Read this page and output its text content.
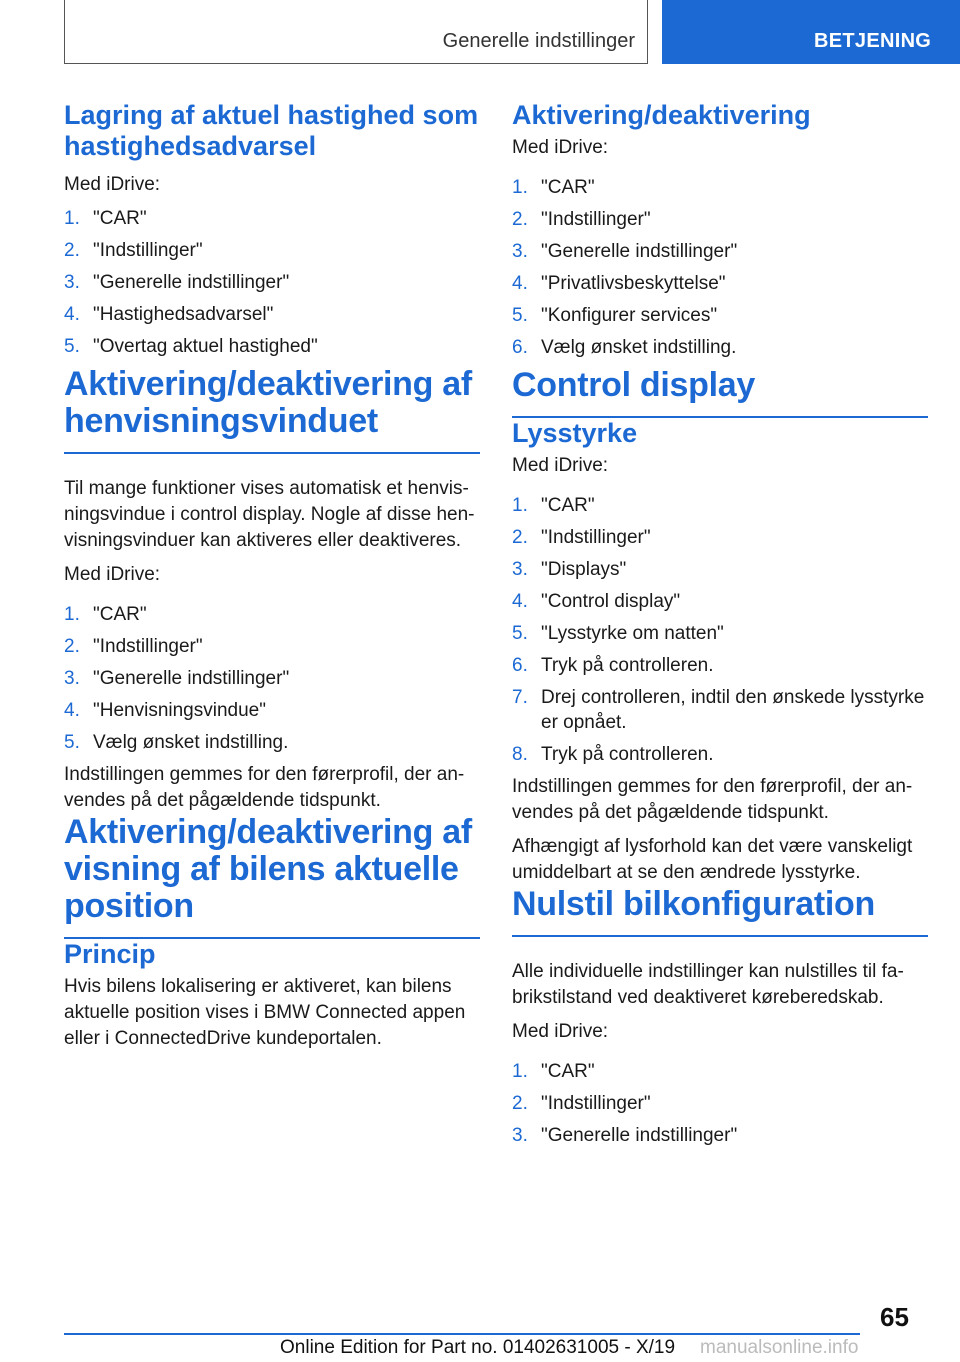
Generelle indstillinger	BETJENING
Lagring af aktuel hastighed som hastighedsadvarsel

Med iDrive:

1. "CAR"
2. "Indstillinger"
3. "Generelle indstillinger"
4. "Hastighedsadvarsel"
5. "Overtag aktuel hastighed"
Aktivering/deaktivering af henvisningsvinduet

Til mange funktioner vises automatisk et henvisningsvindue i control display. Nogle af disse henvisningsvinduer kan aktiveres eller deaktiveres.

Med iDrive:

1. "CAR"
2. "Indstillinger"
3. "Generelle indstillinger"
4. "Henvisningsvindue"
5. Vælg ønsket indstilling.

Indstillingen gemmes for den førerprofil, der anvendes på det pågældende tidspunkt.

Aktivering/deaktivering af visning af bilens aktuelle position
Princip

Hvis bilens lokalisering er aktiveret, kan bilens aktuelle position vises i BMW Connected appen eller i ConnectedDrive kundeportalen.

Aktivering/deaktivering

Med iDrive:

1. "CAR"
2. "Indstillinger"
3. "Generelle indstillinger"
4. "Privatlivsbeskyttelse"
5. "Konfigurer services"
6. Vælg ønsket indstilling.
Control display
Lysstyrke

Med iDrive:

1. "CAR"
2. "Indstillinger"
3. "Displays"
4. "Control display"
5. "Lysstyrke om natten"
6. Tryk på controlleren.
7. Drej controlleren, indtil den ønskede lysstyrke er opnået.
8. Tryk på controlleren.

Indstillingen gemmes for den førerprofil, der anvendes på det pågældende tidspunkt.

Afhængigt af lysforhold kan det være vanskeligt umiddelbart at se den ændrede lysstyrke.

Nulstil bilkonfiguration

Alle individuelle indstillinger kan nulstilles til fabrikstilstand ved deaktiveret køreberedskab.

Med iDrive:

1. "CAR"
2. "Indstillinger"
3. "Generelle indstillinger"
65
Online Edition for Part no. 01402631005 - X/19 manualsonline.info
